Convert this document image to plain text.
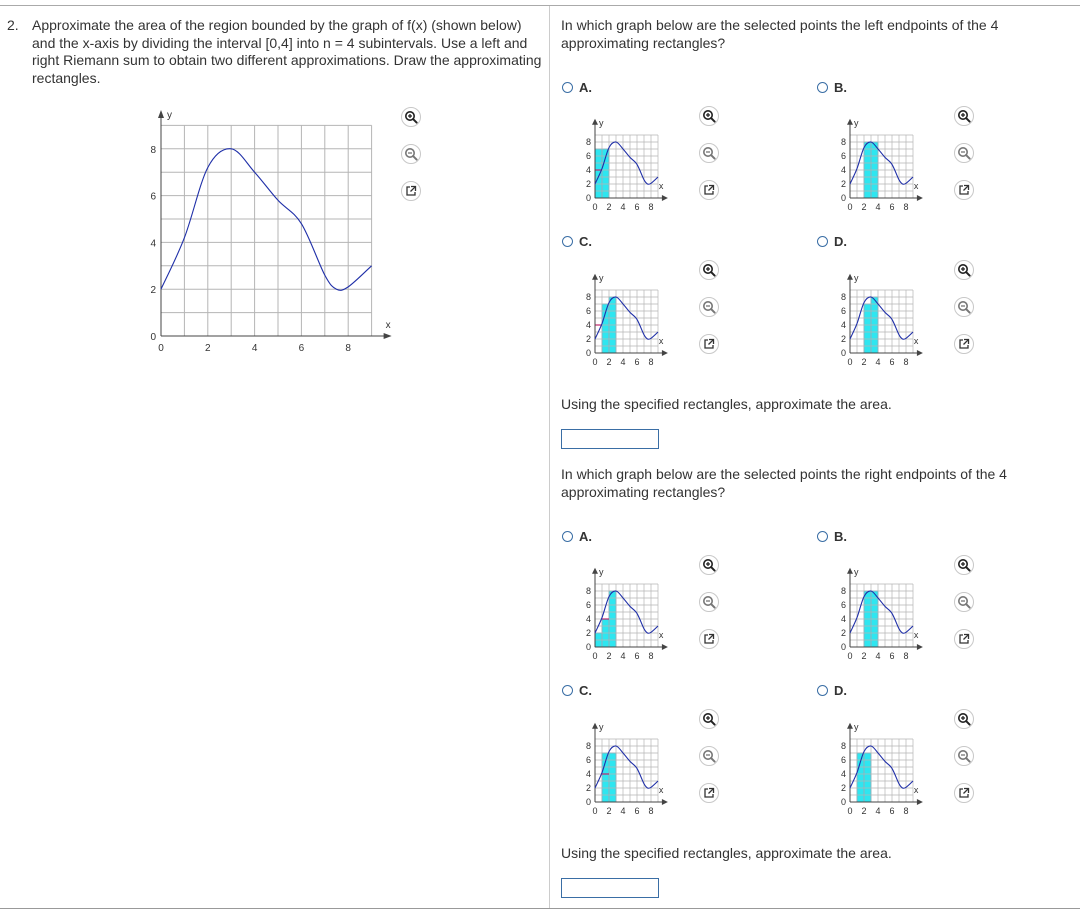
2. Approximate the area of the region bounded by the graph of f(x) (shown below) and the x-axis by dividing the interval [0,4] into n = 4 subintervals. Use a left and right Riemann sum to obtain two different approximations. Draw the approximating rectangles.
y
x
8
6
4
2
0
0	2	4	6	8
In which graph below are the selected points the left endpoints of the 4 approximating rectangles?
A.	B.
C.	D.
y
x
8
6
4
2
0
0 2 4 6 8
y
x
8
6
4
2
0
0 2 4 6 8
y
x
8
6
4
2
0
0 2 4 6 8
y
x
8
6
4
2
0
0 2 4 6 8
Using the specified rectangles, approximate the area.
In which graph below are the selected points the right endpoints of the 4 approximating rectangles?
A.	B.
C.	D.
y
x
8
6
4
2
0
0 2 4 6 8
y
x
8
6
4
2
0
0 2 4 6 8
y
x
8
6
4
2
0
0 2 4 6 8
y
x
8
6
4
2
0
0 2 4 6 8
Using the specified rectangles, approximate the area.
